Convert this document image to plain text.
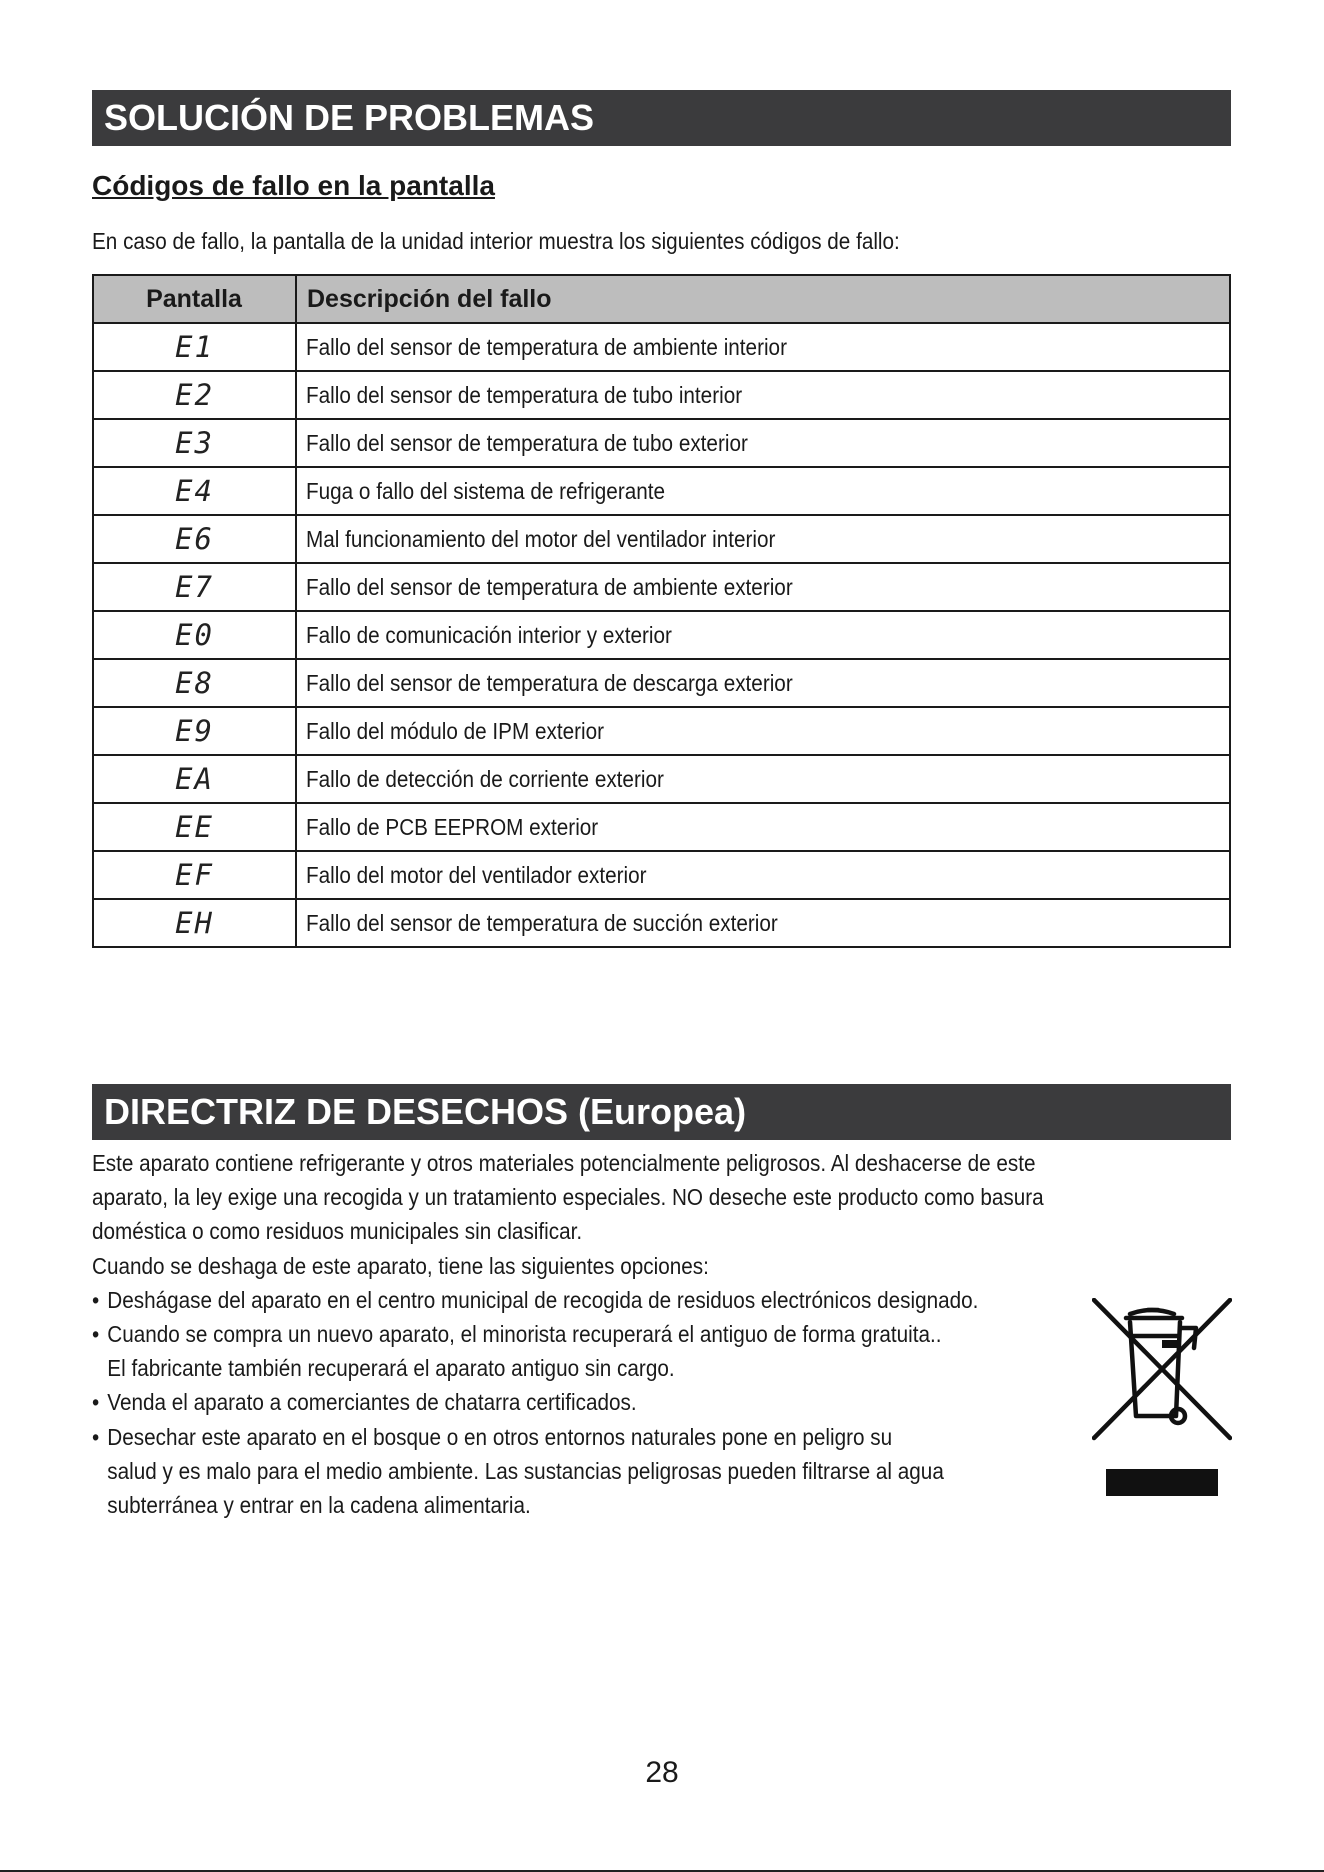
SOLUCIÓN DE PROBLEMAS
Códigos de fallo en la pantalla
En caso de fallo, la pantalla de la unidad interior muestra los siguientes códigos de fallo:
Pantalla	Descripción del fallo
E1	Fallo del sensor de temperatura de ambiente interior
E2	Fallo del sensor de temperatura de tubo interior
E3	Fallo del sensor de temperatura de tubo exterior
E4	Fuga o fallo del sistema de refrigerante
E6	Mal funcionamiento del motor del ventilador interior
E7	Fallo del sensor de temperatura de ambiente exterior
E0	Fallo de comunicación interior y exterior
E8	Fallo del sensor de temperatura de descarga exterior
E9	Fallo del módulo de IPM exterior
EA	Fallo de detección de corriente exterior
EE	Fallo de PCB EEPROM exterior
EF	Fallo del motor del ventilador exterior
EH	Fallo del sensor de temperatura de succión exterior
DIRECTRIZ DE DESECHOS (Europea)
Este aparato contiene refrigerante y otros materiales potencialmente peligrosos. Al deshacerse de este
aparato, la ley exige una recogida y un tratamiento especiales. NO deseche este producto como basura
doméstica o como residuos municipales sin clasificar.
Cuando se deshaga de este aparato, tiene las siguientes opciones:
• Deshágase del aparato en el centro municipal de recogida de residuos electrónicos designado.
• Cuando se compra un nuevo aparato, el minorista recuperará el antiguo de forma gratuita..
El fabricante también recuperará el aparato antiguo sin cargo.
• Venda el aparato a comerciantes de chatarra certificados.
• Desechar este aparato en el bosque o en otros entornos naturales pone en peligro su
salud y es malo para el medio ambiente. Las sustancias peligrosas pueden filtrarse al agua
subterránea y entrar en la cadena alimentaria.
28
